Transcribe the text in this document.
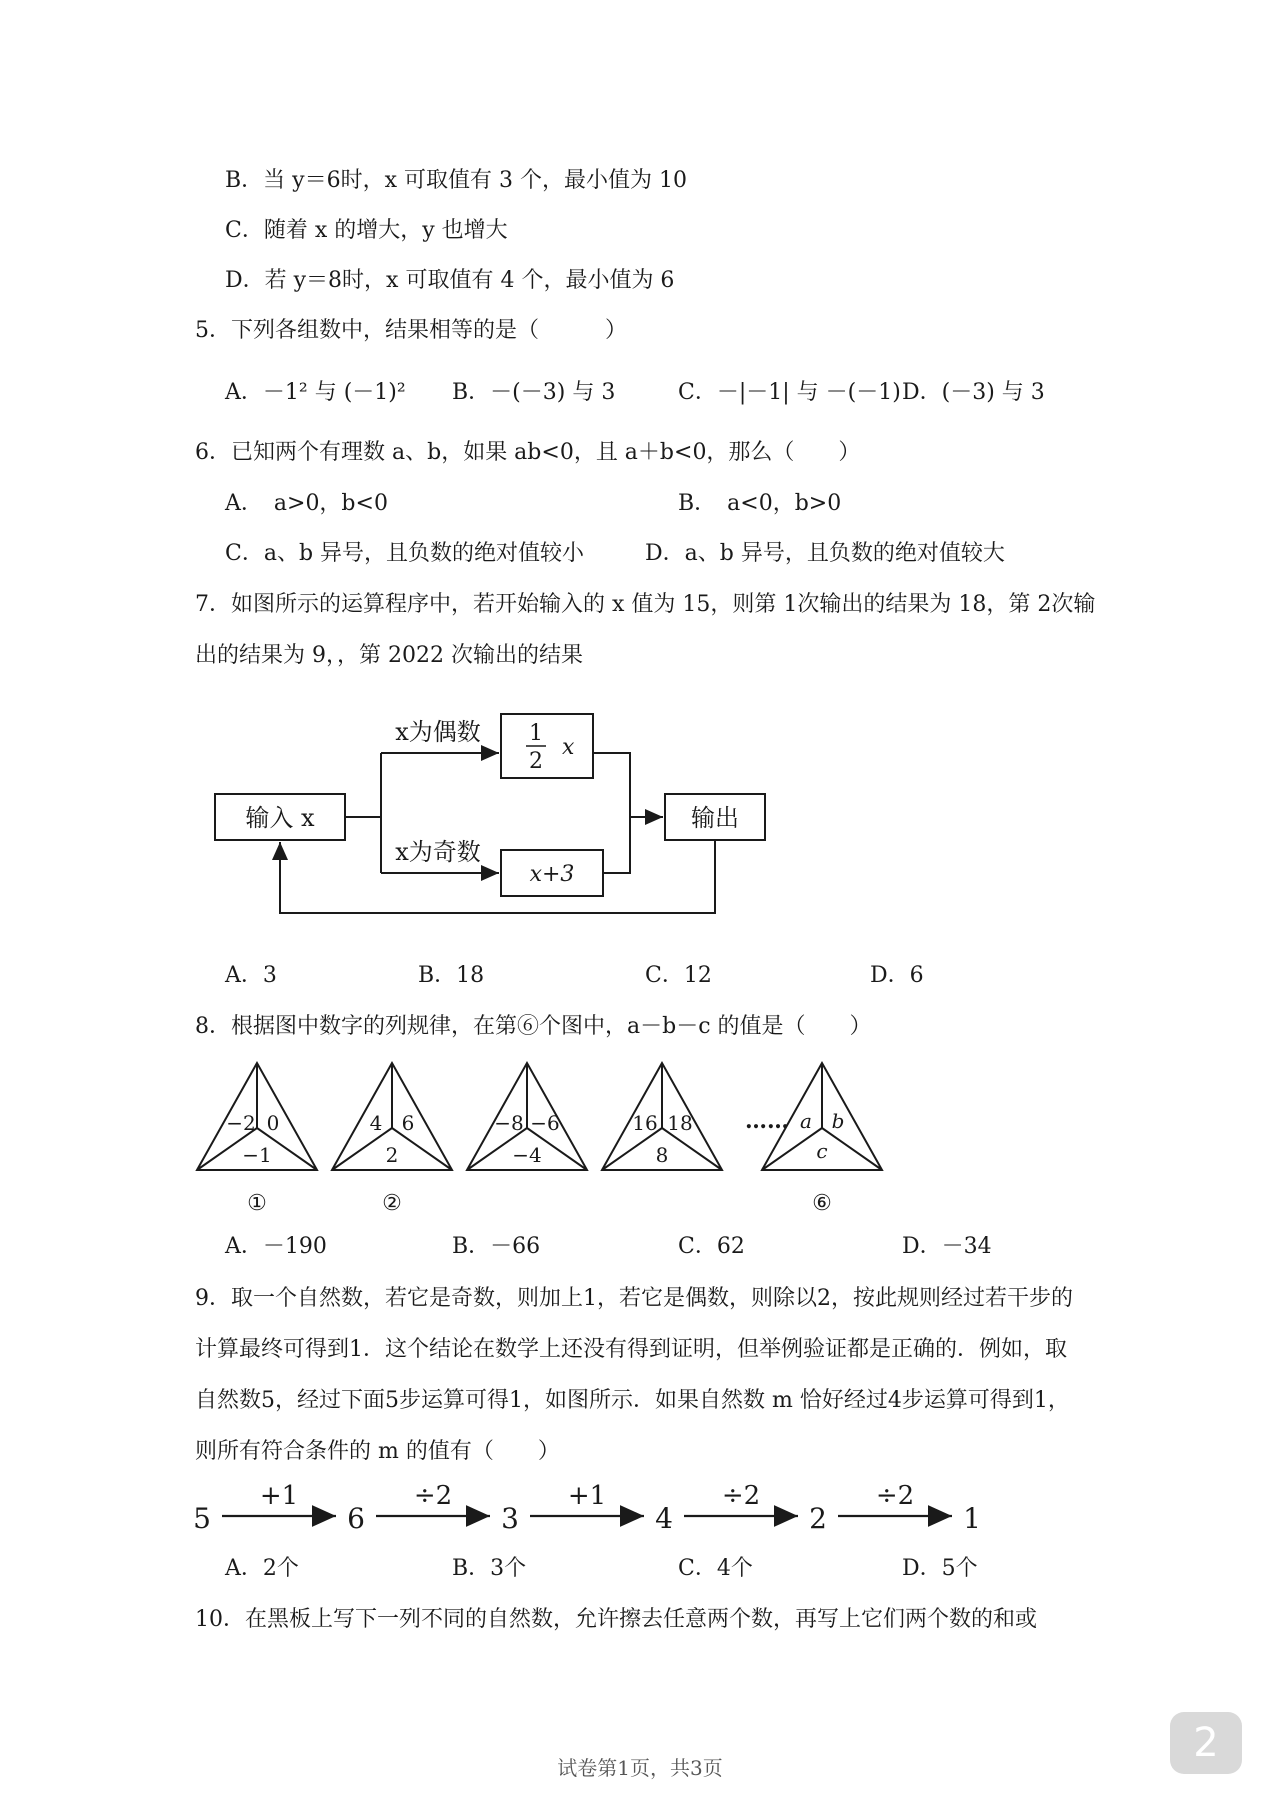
B．当 y＝6时，x 可取值有 3 个，最小值为 10
C．随着 x 的增大，y 也增大
D．若 y＝8时，x 可取值有 4 个，最小值为 6
5．下列各组数中，结果相等的是（　　　）
A．－1² 与 (－1)² B．－(－3) 与 3	C．－|－1| 与 －(－1) D．(－3) 与 3
6．已知两个有理数 a、b，如果 ab<0，且 a＋b<0，那么（　　）
A．　a>0，b<0	B．　a<0，b>0
C．a、b 异号，且负数的绝对值较小	D．a、b 异号，且负数的绝对值较大
7．如图所示的运算程序中，若开始输入的 x 值为 15，则第 1次输出的结果为 18，第 2次输
出的结果为 9，，第 2022 次输出的结果
输入 x
x为偶数
x为奇数
1
2
x
x+3
输出
A．3	B．18	C．12	D．6
8．根据图中数字的列规律，在第⑥个图中，a－b－c 的值是（　　）
−2 0
−1
①
4 6
2
②
−8 −6
−4
16 18
8
…… a b
c
⑥
A．－190	B．－66	C．62	D．－34
9．取一个自然数，若它是奇数，则加上1，若它是偶数，则除以2，按此规则经过若干步的
计算最终可得到1．这个结论在数学上还没有得到证明，但举例验证都是正确的．例如，取
自然数5，经过下面5步运算可得1，如图所示．如果自然数 m 恰好经过4步运算可得到1，
则所有符合条件的 m 的值有（　　）
5	6	3	4	2	1
+1	÷2	+1	÷2	÷2
A．2个	B．3个	C．4个	D．5个
10．在黑板上写下一列不同的自然数，允许擦去任意两个数，再写上它们两个数的和或
试卷第1页，共3页
2
